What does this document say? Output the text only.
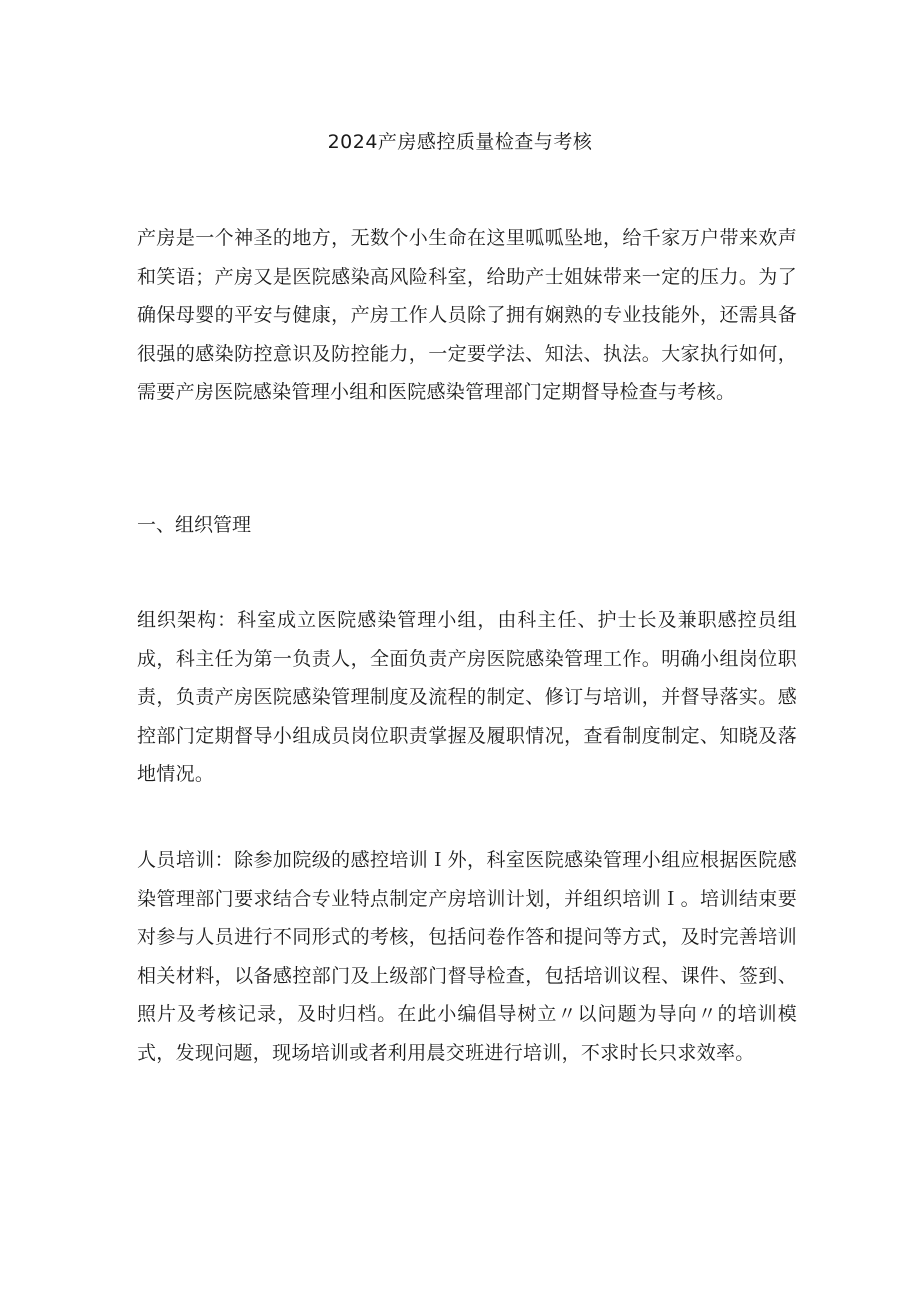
2024产房感控质量检查与考核

产房是一个神圣的地方，无数个小生命在这里呱呱坠地，给千家万户带来欢声和笑语；产房又是医院感染高风险科室，给助产士姐妹带来一定的压力。为了确保母婴的平安与健康，产房工作人员除了拥有娴熟的专业技能外，还需具备很强的感染防控意识及防控能力，一定要学法、知法、执法。大家执行如何，需要产房医院感染管理小组和医院感染管理部门定期督导检查与考核。

一、组织管理

组织架构：科室成立医院感染管理小组，由科主任、护士长及兼职感控员组成，科主任为第一负责人，全面负责产房医院感染管理工作。明确小组岗位职责，负责产房医院感染管理制度及流程的制定、修订与培训，并督导落实。感控部门定期督导小组成员岗位职责掌握及履职情况，查看制度制定、知晓及落地情况。

人员培训：除参加院级的感控培训Ｉ外，科室医院感染管理小组应根据医院感染管理部门要求结合专业特点制定产房培训计划，并组织培训Ｉ。培训结束要对参与人员进行不同形式的考核，包括问卷作答和提问等方式，及时完善培训相关材料，以备感控部门及上级部门督导检查，包括培训议程、课件、签到、照片及考核记录，及时归档。在此小编倡导树立〃以问题为导向〃的培训模式，发现问题，现场培训或者利用晨交班进行培训，不求时长只求效率。
